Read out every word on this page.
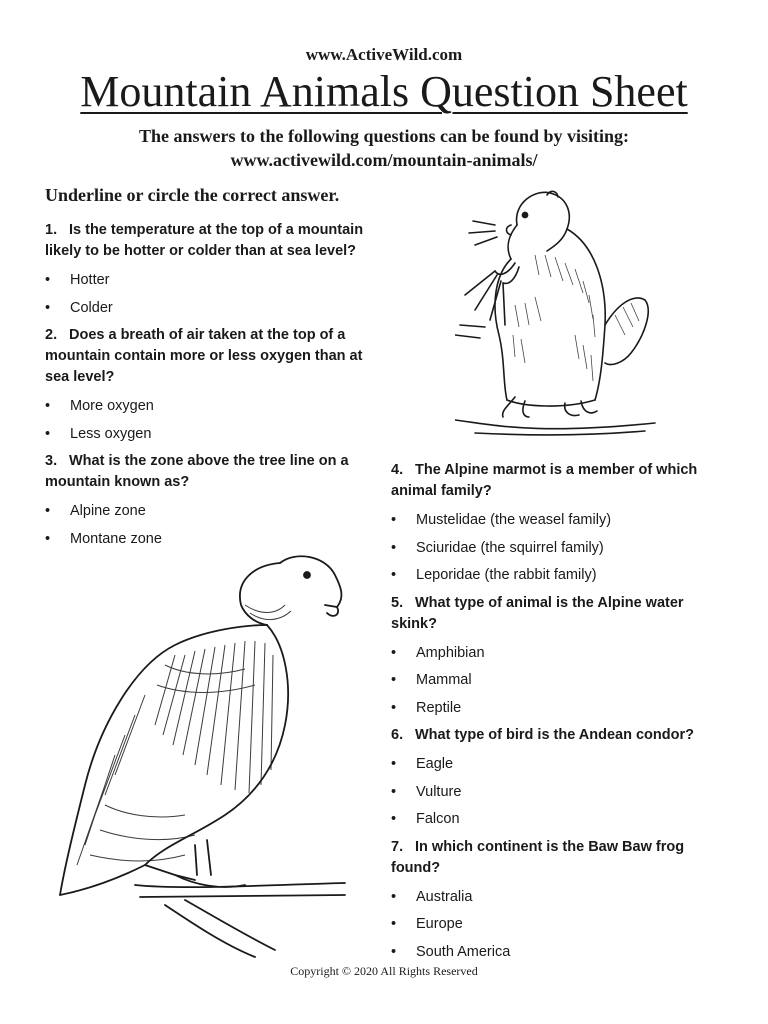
www.ActiveWild.com
Mountain Animals Question Sheet
The answers to the following questions can be found by visiting:
www.activewild.com/mountain-animals/
Underline or circle the correct answer.
1. Is the temperature at the top of a mountain likely to be hotter or colder than at sea level?
• Hotter
• Colder
2. Does a breath of air taken at the top of a mountain contain more or less oxygen than at sea level?
• More oxygen
• Less oxygen
3. What is the zone above the tree line on a mountain known as?
• Alpine zone
• Montane zone
4. The Alpine marmot is a member of which animal family?
• Mustelidae (the weasel family)
• Sciuridae (the squirrel family)
• Leporidae (the rabbit family)
5. What type of animal is the Alpine water skink?
• Amphibian
• Mammal
• Reptile
6. What type of bird is the Andean condor?
• Eagle
• Vulture
• Falcon
7. In which continent is the Baw Baw frog found?
• Australia
• Europe
• South America
Copyright © 2020 All Rights Reserved
